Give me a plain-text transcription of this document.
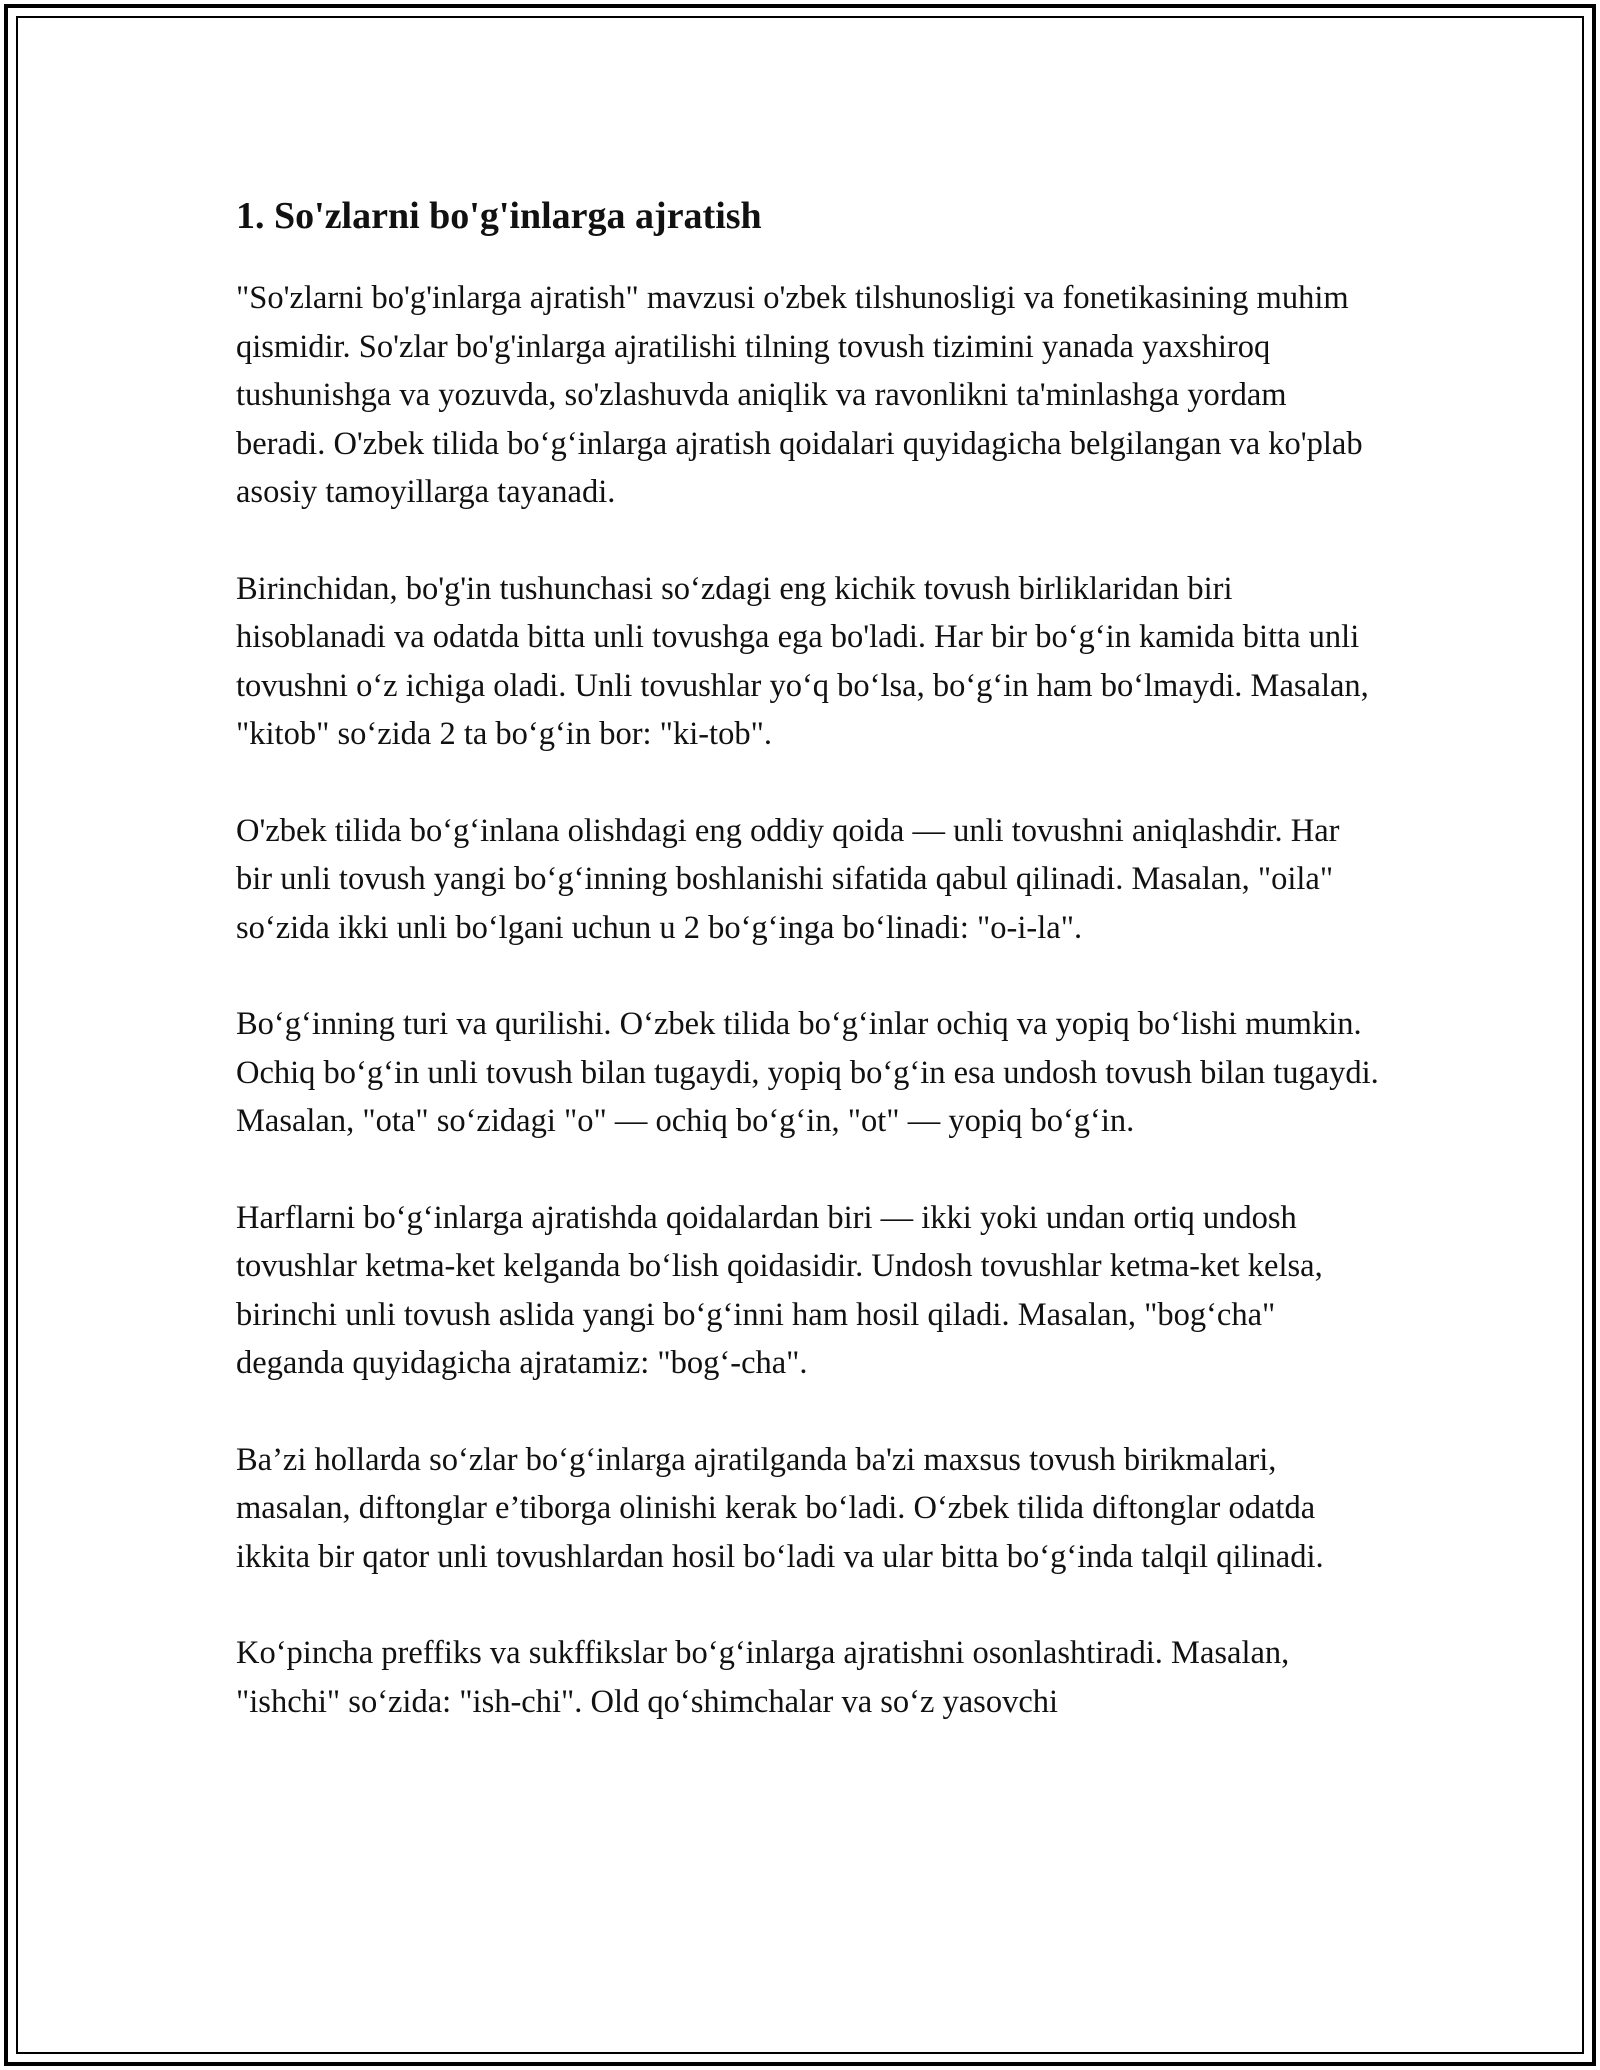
1. So'zlarni bo'g'inlarga ajratish

"So'zlarni bo'g'inlarga ajratish" mavzusi o'zbek tilshunosligi va fonetikasining muhim qismidir. So'zlar bo'g'inlarga ajratilishi tilning tovush tizimini yanada yaxshiroq tushunishga va yozuvda, so'zlashuvda aniqlik va ravonlikni ta'minlashga yordam beradi. O'zbek tilida bo‘g‘inlarga ajratish qoidalari quyidagicha belgilangan va ko'plab asosiy tamoyillarga tayanadi.

Birinchidan, bo'g'in tushunchasi so‘zdagi eng kichik tovush birliklaridan biri hisoblanadi va odatda bitta unli tovushga ega bo'ladi. Har bir bo‘g‘in kamida bitta unli tovushni o‘z ichiga oladi. Unli tovushlar yo‘q bo‘lsa, bo‘g‘in ham bo‘lmaydi. Masalan, "kitob" so‘zida 2 ta bo‘g‘in bor: "ki-tob".

O'zbek tilida bo‘g‘inlana olishdagi eng oddiy qoida — unli tovushni aniqlashdir. Har bir unli tovush yangi bo‘g‘inning boshlanishi sifatida qabul qilinadi. Masalan, "oila" so‘zida ikki unli bo‘lgani uchun u 2 bo‘g‘inga bo‘linadi: "o-i-la".

Bo‘g‘inning turi va qurilishi. O‘zbek tilida bo‘g‘inlar ochiq va yopiq bo‘lishi mumkin. Ochiq bo‘g‘in unli tovush bilan tugaydi, yopiq bo‘g‘in esa undosh tovush bilan tugaydi. Masalan, "ota" so‘zidagi "o" — ochiq bo‘g‘in, "ot" — yopiq bo‘g‘in.

Harflarni bo‘g‘inlarga ajratishda qoidalardan biri — ikki yoki undan ortiq undosh tovushlar ketma-ket kelganda bo‘lish qoidasidir. Undosh tovushlar ketma-ket kelsa, birinchi unli tovush aslida yangi bo‘g‘inni ham hosil qiladi. Masalan, "bog‘cha" deganda quyidagicha ajratamiz: "bog‘-cha".

Ba’zi hollarda so‘zlar bo‘g‘inlarga ajratilganda ba'zi maxsus tovush birikmalari, masalan, diftonglar e’tiborga olinishi kerak bo‘ladi. O‘zbek tilida diftonglar odatda ikkita bir qator unli tovushlardan hosil bo‘ladi va ular bitta bo‘g‘inda talqil qilinadi.

Ko‘pincha preffiks va sukffikslar bo‘g‘inlarga ajratishni osonlashtiradi. Masalan, "ishchi" so‘zida: "ish-chi". Old qo‘shimchalar va so‘z yasovchi
